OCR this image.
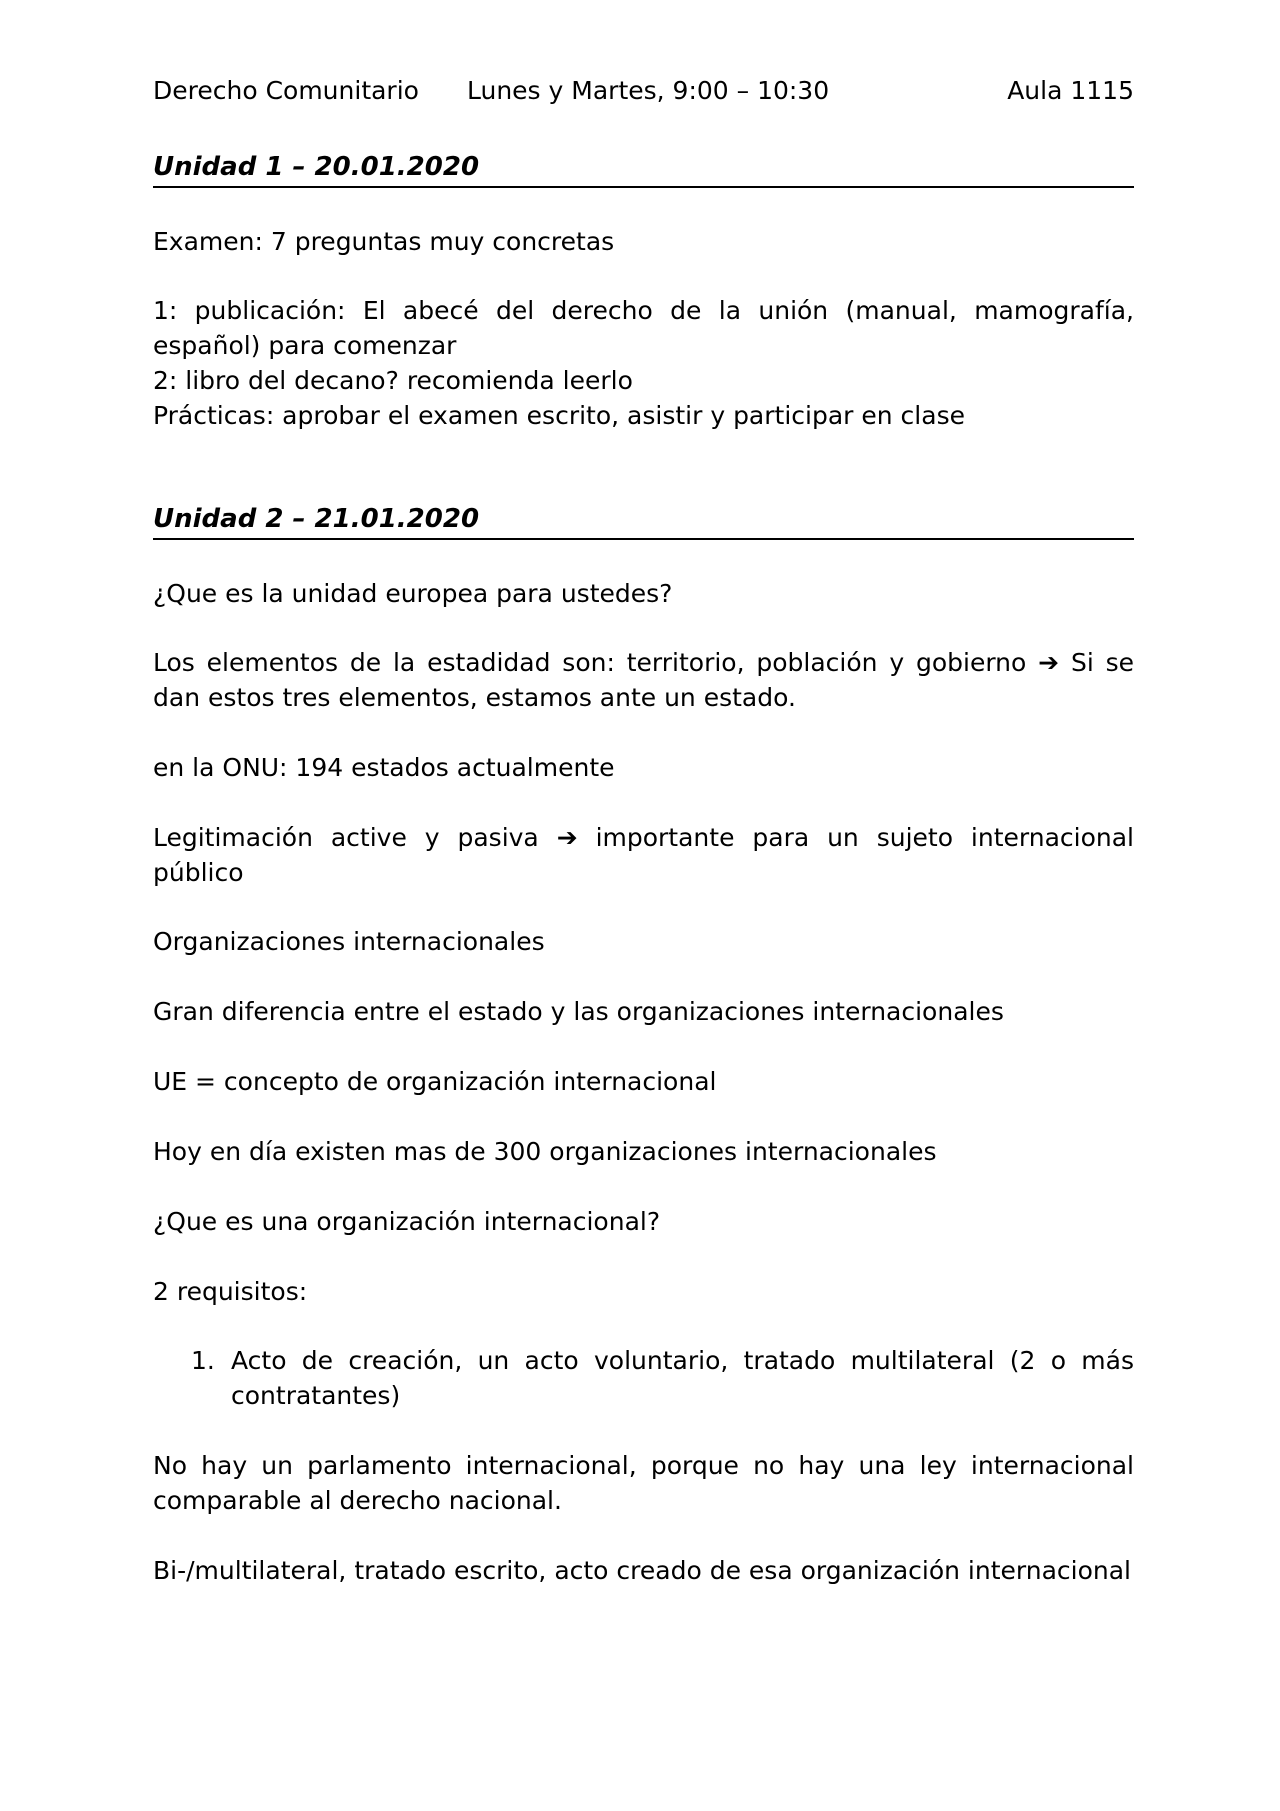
Derecho Comunitario Lunes y Martes, 9:00 – 10:30	Aula 1115
Unidad 1 – 20.01.2020
Examen: 7 preguntas muy concretas
1: publicación: El abecé del derecho de la unión (manual, mamografía, español) para comenzar
2: libro del decano? recomienda leerlo
Prácticas: aprobar el examen escrito, asistir y participar en clase
Unidad 2 – 21.01.2020
¿Que es la unidad europea para ustedes?
Los elementos de la estadidad son: territorio, población y gobierno ➔ Si se dan estos tres elementos, estamos ante un estado.
en la ONU: 194 estados actualmente
Legitimación active y pasiva ➔ importante para un sujeto internacional público
Organizaciones internacionales
Gran diferencia entre el estado y las organizaciones internacionales
UE = concepto de organización internacional
Hoy en día existen mas de 300 organizaciones internacionales
¿Que es una organización internacional?
2 requisitos:
1. Acto de creación, un acto voluntario, tratado multilateral (2 o más contratantes)
No hay un parlamento internacional, porque no hay una ley internacional comparable al derecho nacional.
Bi-/multilateral, tratado escrito, acto creado de esa organización internacional
